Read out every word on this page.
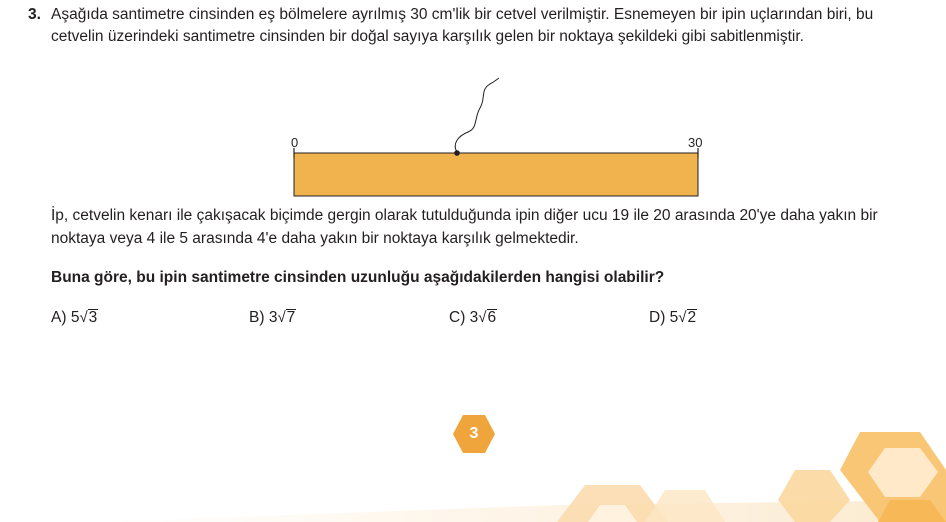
3. Aşağıda santimetre cinsinden eş bölmelere ayrılmış 30 cm'lik bir cetvel verilmiştir. Esnemeyen bir ipin uçlarından biri, bu
cetvelin üzerindeki santimetre cinsinden bir doğal sayıya karşılık gelen bir noktaya şekildeki gibi sabitlenmiştir.
0	30
İp, cetvelin kenarı ile çakışacak biçimde gergin olarak tutulduğunda ipin diğer ucu 19 ile 20 arasında 20'ye daha yakın bir
noktaya veya 4 ile 5 arasında 4'e daha yakın bir noktaya karşılık gelmektedir.
Buna göre, bu ipin santimetre cinsinden uzunluğu aşağıdakilerden hangisi olabilir?
A) 5√3	B) 3√7	C) 3√6	D) 5√2
3
